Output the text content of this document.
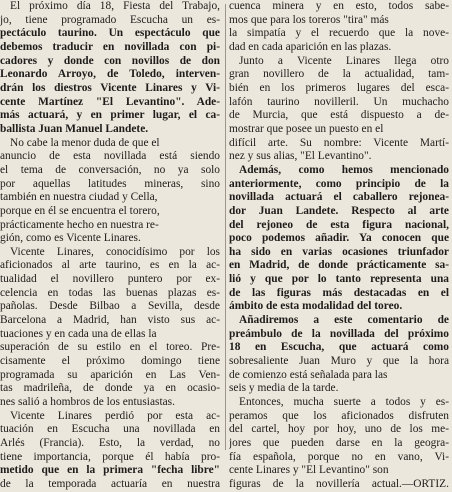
El próximo día 18, Fiesta del Trabajo,
jo, tiene programado Escucha un es-
pectáculo taurino. Un espectáculo que
debemos traducir en novillada con pi-
cadores y donde con novillos de don
Leonardo Arroyo, de Toledo, interven-
drán los diestros Vicente Linares y Vi-
cente Martínez "El Levantino". Ade-
más actuará, y en primer lugar, el ca-
ballista Juan Manuel Landete.
No cabe la menor duda de que el
anuncio de esta novillada está siendo
el tema de conversación, no ya solo
por aquellas latitudes mineras, sino
también en nuestra ciudad y Cella,
porque en él se encuentra el torero,
prácticamente hecho en nuestra re-
gión, como es Vicente Linares.
Vicente Linares, conocidísimo por los
aficionados al arte taurino, es en la ac-
tualidad el novillero puntero por ex-
celencia en todas las buenas plazas es-
pañolas. Desde Bilbao a Sevilla, desde
Barcelona a Madrid, han visto sus ac-
tuaciones y en cada una de ellas la
superación de su estilo en el toreo. Pre-
cisamente el próximo domingo tiene
programada su aparición en Las Ven-
tas madrileña, de donde ya en ocasio-
nes salió a hombros de los entusiastas.
Vicente Linares perdió por esta ac-
tuación en Escucha una novillada en
Arlés (Francia). Esto, la verdad, no
tiene importancia, porque él había pro-
metido que en la primera "fecha libre"
de la temporada actuaría en nuestra
cuenca minera y en esto, todos sabe-
mos que para los toreros "tira" más
la simpatía y el recuerdo que la nove-
dad en cada aparición en las plazas.
Junto a Vicente Linares llega otro
gran novillero de la actualidad, tam-
bién en los primeros lugares del esca-
lafón taurino novilleril. Un muchacho
de Murcia, que está dispuesto a de-
mostrar que posee un puesto en el
difícil arte. Su nombre: Vicente Martí-
nez y sus alias, "El Levantino".
Además, como hemos mencionado
anteriormente, como principio de la
novillada actuará el caballero rejonea-
dor Juan Landete. Respecto al arte
del rejoneo de esta figura nacional,
poco podemos añadir. Ya conocen que
ha sido en varias ocasiones triunfador
en Madrid, de donde prácticamente sa-
lió y que por lo tanto representa una
de las figuras más destacadas en el
ámbito de esta modalidad del toreo.
Añadiremos a este comentario de
preámbulo de la novillada del próximo
18 en Escucha, que actuará como
sobresaliente Juan Muro y que la hora
de comienzo está señalada para las
seis y media de la tarde.
Entonces, mucha suerte a todos y es-
peramos que los aficionados disfruten
del cartel, hoy por hoy, uno de los me-
jores que pueden darse en la geogra-
fía española, porque no en vano, Vi-
cente Linares y "El Levantino" son
figuras de la novillería actual.—ORTIZ.
